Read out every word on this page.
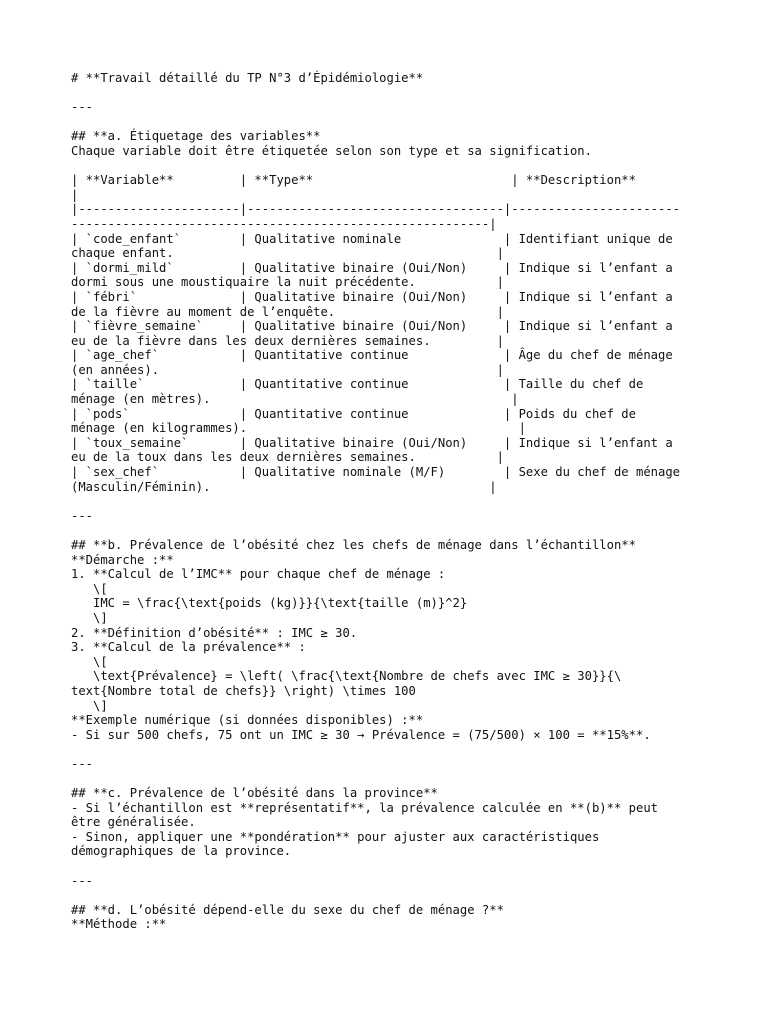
# **Travail détaillé du TP N°3 d’Épidémiologie**
---
## **a. Étiquetage des variables**
Chaque variable doit être étiquetée selon son type et sa signification.
| **Variable**         | **Type**                           | **Description**
|
|----------------------|-----------------------------------|-----------------------
---------------------------------------------------------|
| `code_enfant`        | Qualitative nominale              | Identifiant unique de
chaque enfant.                                            |
| `dormi_mild`         | Qualitative binaire (Oui/Non)     | Indique si l’enfant a
dormi sous une moustiquaire la nuit précédente.           |
| `fébri`              | Qualitative binaire (Oui/Non)     | Indique si l’enfant a
de la fièvre au moment de l’enquête.                      |
| `fièvre_semaine`     | Qualitative binaire (Oui/Non)     | Indique si l’enfant a
eu de la fièvre dans les deux dernières semaines.         |
| `age_chef`           | Quantitative continue             | Âge du chef de ménage
(en années).                                              |
| `taille`             | Quantitative continue             | Taille du chef de
ménage (en mètres).                                         |
| `pods`               | Quantitative continue             | Poids du chef de
ménage (en kilogrammes).                                     |
| `toux_semaine`       | Qualitative binaire (Oui/Non)     | Indique si l’enfant a
eu de la toux dans les deux dernières semaines.           |
| `sex_chef`           | Qualitative nominale (M/F)        | Sexe du chef de ménage
(Masculin/Féminin).                                      |
---
## **b. Prévalence de l’obésité chez les chefs de ménage dans l’échantillon**
**Démarche :**
1. **Calcul de l’IMC** pour chaque chef de ménage :
\[
IMC = \frac{\text{poids (kg)}}{\text{taille (m)}^2}
\]
2. **Définition d’obésité** : IMC ≥ 30.
3. **Calcul de la prévalence** :
\[
\text{Prévalence} = \left( \frac{\text{Nombre de chefs avec IMC ≥ 30}}{\
text{Nombre total de chefs}} \right) \times 100
\]
**Exemple numérique (si données disponibles) :**
- Si sur 500 chefs, 75 ont un IMC ≥ 30 → Prévalence = (75/500) × 100 = **15%**.
---
## **c. Prévalence de l’obésité dans la province**
- Si l’échantillon est **représentatif**, la prévalence calculée en **(b)** peut
être généralisée.
- Sinon, appliquer une **pondération** pour ajuster aux caractéristiques
démographiques de la province.
---
## **d. L’obésité dépend-elle du sexe du chef de ménage ?**
**Méthode :**
